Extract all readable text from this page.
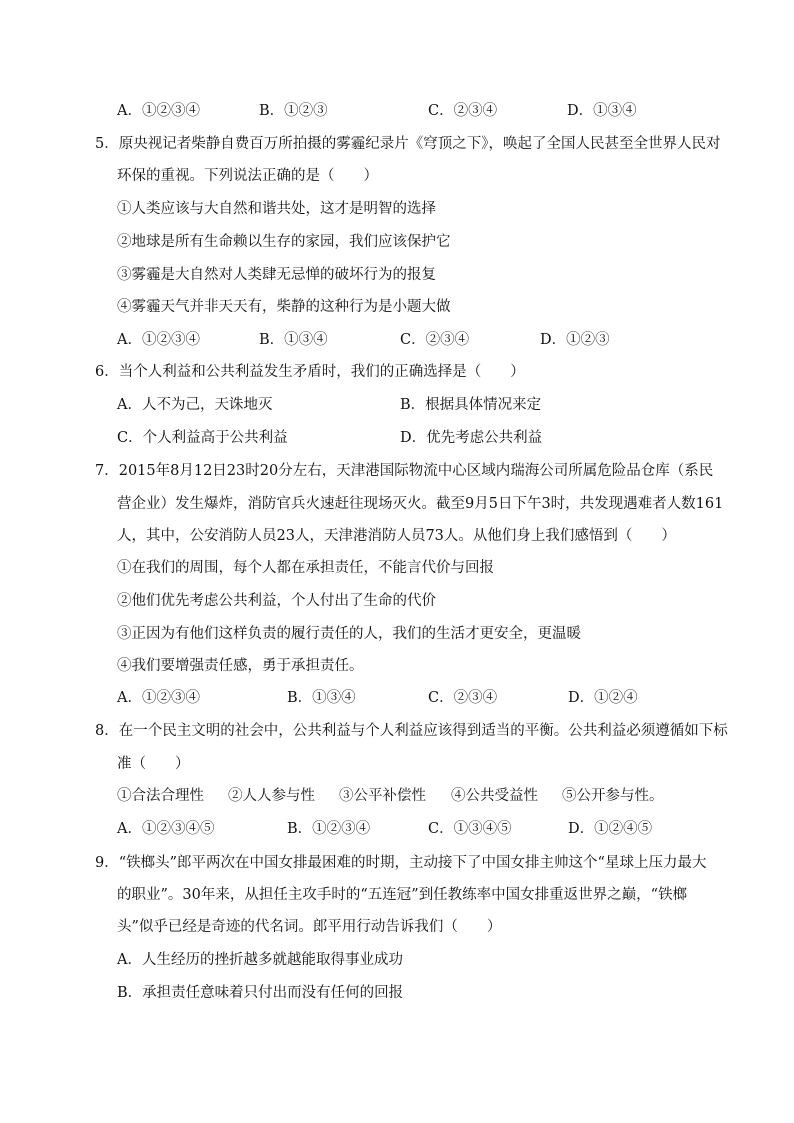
A．①②③④	B．①②③	C．②③④	D．①③④
5．原央视记者柴静自费百万所拍摄的雾霾纪录片《穹顶之下》，唤起了全国人民甚至全世界人民对
环保的重视。下列说法正确的是（　　）
①人类应该与大自然和谐共处，这才是明智的选择
②地球是所有生命赖以生存的家园，我们应该保护它
③雾霾是大自然对人类肆无忌惮的破坏行为的报复
④雾霾天气并非天天有，柴静的这种行为是小题大做
A．①②③④	B．①③④	C．②③④	D．①②③
6．当个人利益和公共利益发生矛盾时，我们的正确选择是（　　）
A．人不为己，天诛地灭	B．根据具体情况来定
C．个人利益高于公共利益	D．优先考虑公共利益
7．2015年8月12日23时20分左右，天津港国际物流中心区域内瑞海公司所属危险品仓库（系民
营企业）发生爆炸，消防官兵火速赶往现场灭火。截至9月5日下午3时，共发现遇难者人数161
人，其中，公安消防人员23人，天津港消防人员73人。从他们身上我们感悟到（　　）
①在我们的周围，每个人都在承担责任，不能言代价与回报
②他们优先考虑公共利益，个人付出了生命的代价
③正因为有他们这样负责的履行责任的人，我们的生活才更安全，更温暖
④我们要增强责任感，勇于承担责任。
A．①②③④	B．①③④	C．②③④	D．①②④
8．在一个民主文明的社会中，公共利益与个人利益应该得到适当的平衡。公共利益必须遵循如下标
准（　　）
①合法合理性 ②人人参与性 ③公平补偿性 ④公共受益性 ⑤公开参与性。
A．①②③④⑤	B．①②③④	C．①③④⑤	D．①②④⑤
9．“铁榔头”郎平两次在中国女排最困难的时期，主动接下了中国女排主帅这个“星球上压力最大
的职业”。30年来，从担任主攻手时的“五连冠”到任教练率中国女排重返世界之巅，“铁榔
头”似乎已经是奇迹的代名词。郎平用行动告诉我们（　　）
A．人生经历的挫折越多就越能取得事业成功
B．承担责任意味着只付出而没有任何的回报
